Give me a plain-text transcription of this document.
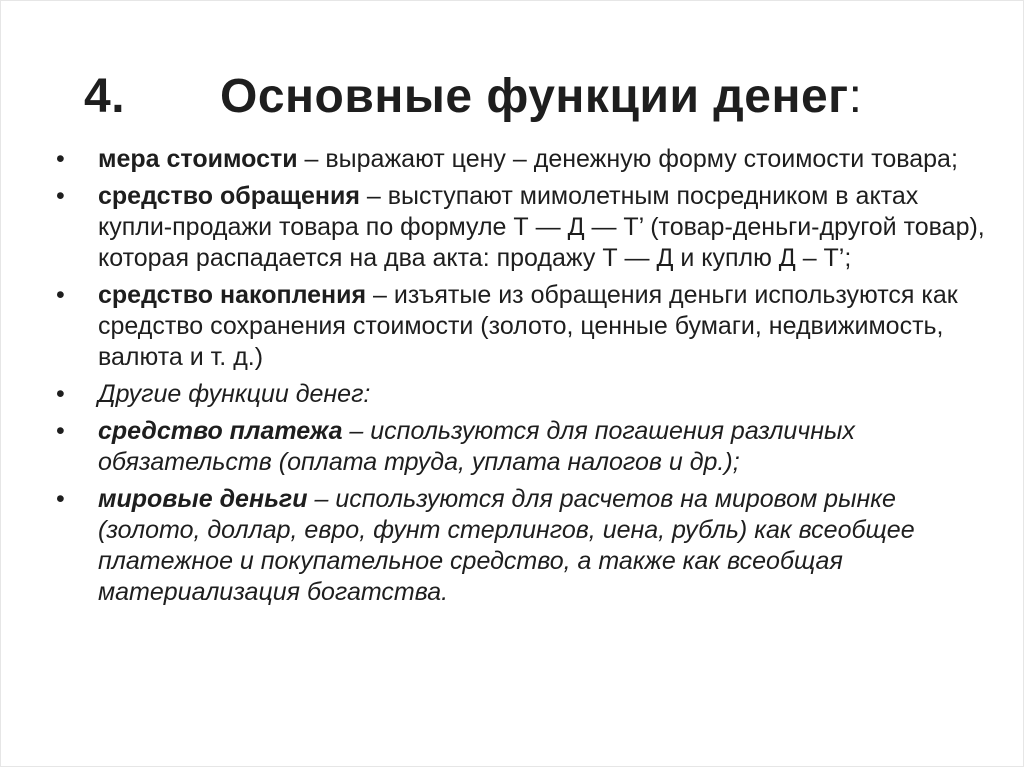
4. Основные функции денег:
•	мера стоимости – выражают цену – денежную форму стоимости товара;
•	средство обращения – выступают мимолетным посредником в актах купли-продажи товара по формуле Т — Д — Т’ (товар-деньги-другой товар), которая распадается на два акта: продажу Т — Д и куплю Д – Т’;
•	средство накопления – изъятые из обращения деньги используются как средство сохранения стоимости (золото, ценные бумаги, недвижимость, валюта и т. д.)
•	Другие функции денег:
•	средство платежа – используются для погашения различных обязательств (оплата труда, уплата налогов и др.);
•	мировые деньги – используются для расчетов на мировом рынке (золото, доллар, евро, фунт стерлингов, иена, рубль) как всеобщее платежное и покупательное средство, а также как всеобщая материализация богатства.
